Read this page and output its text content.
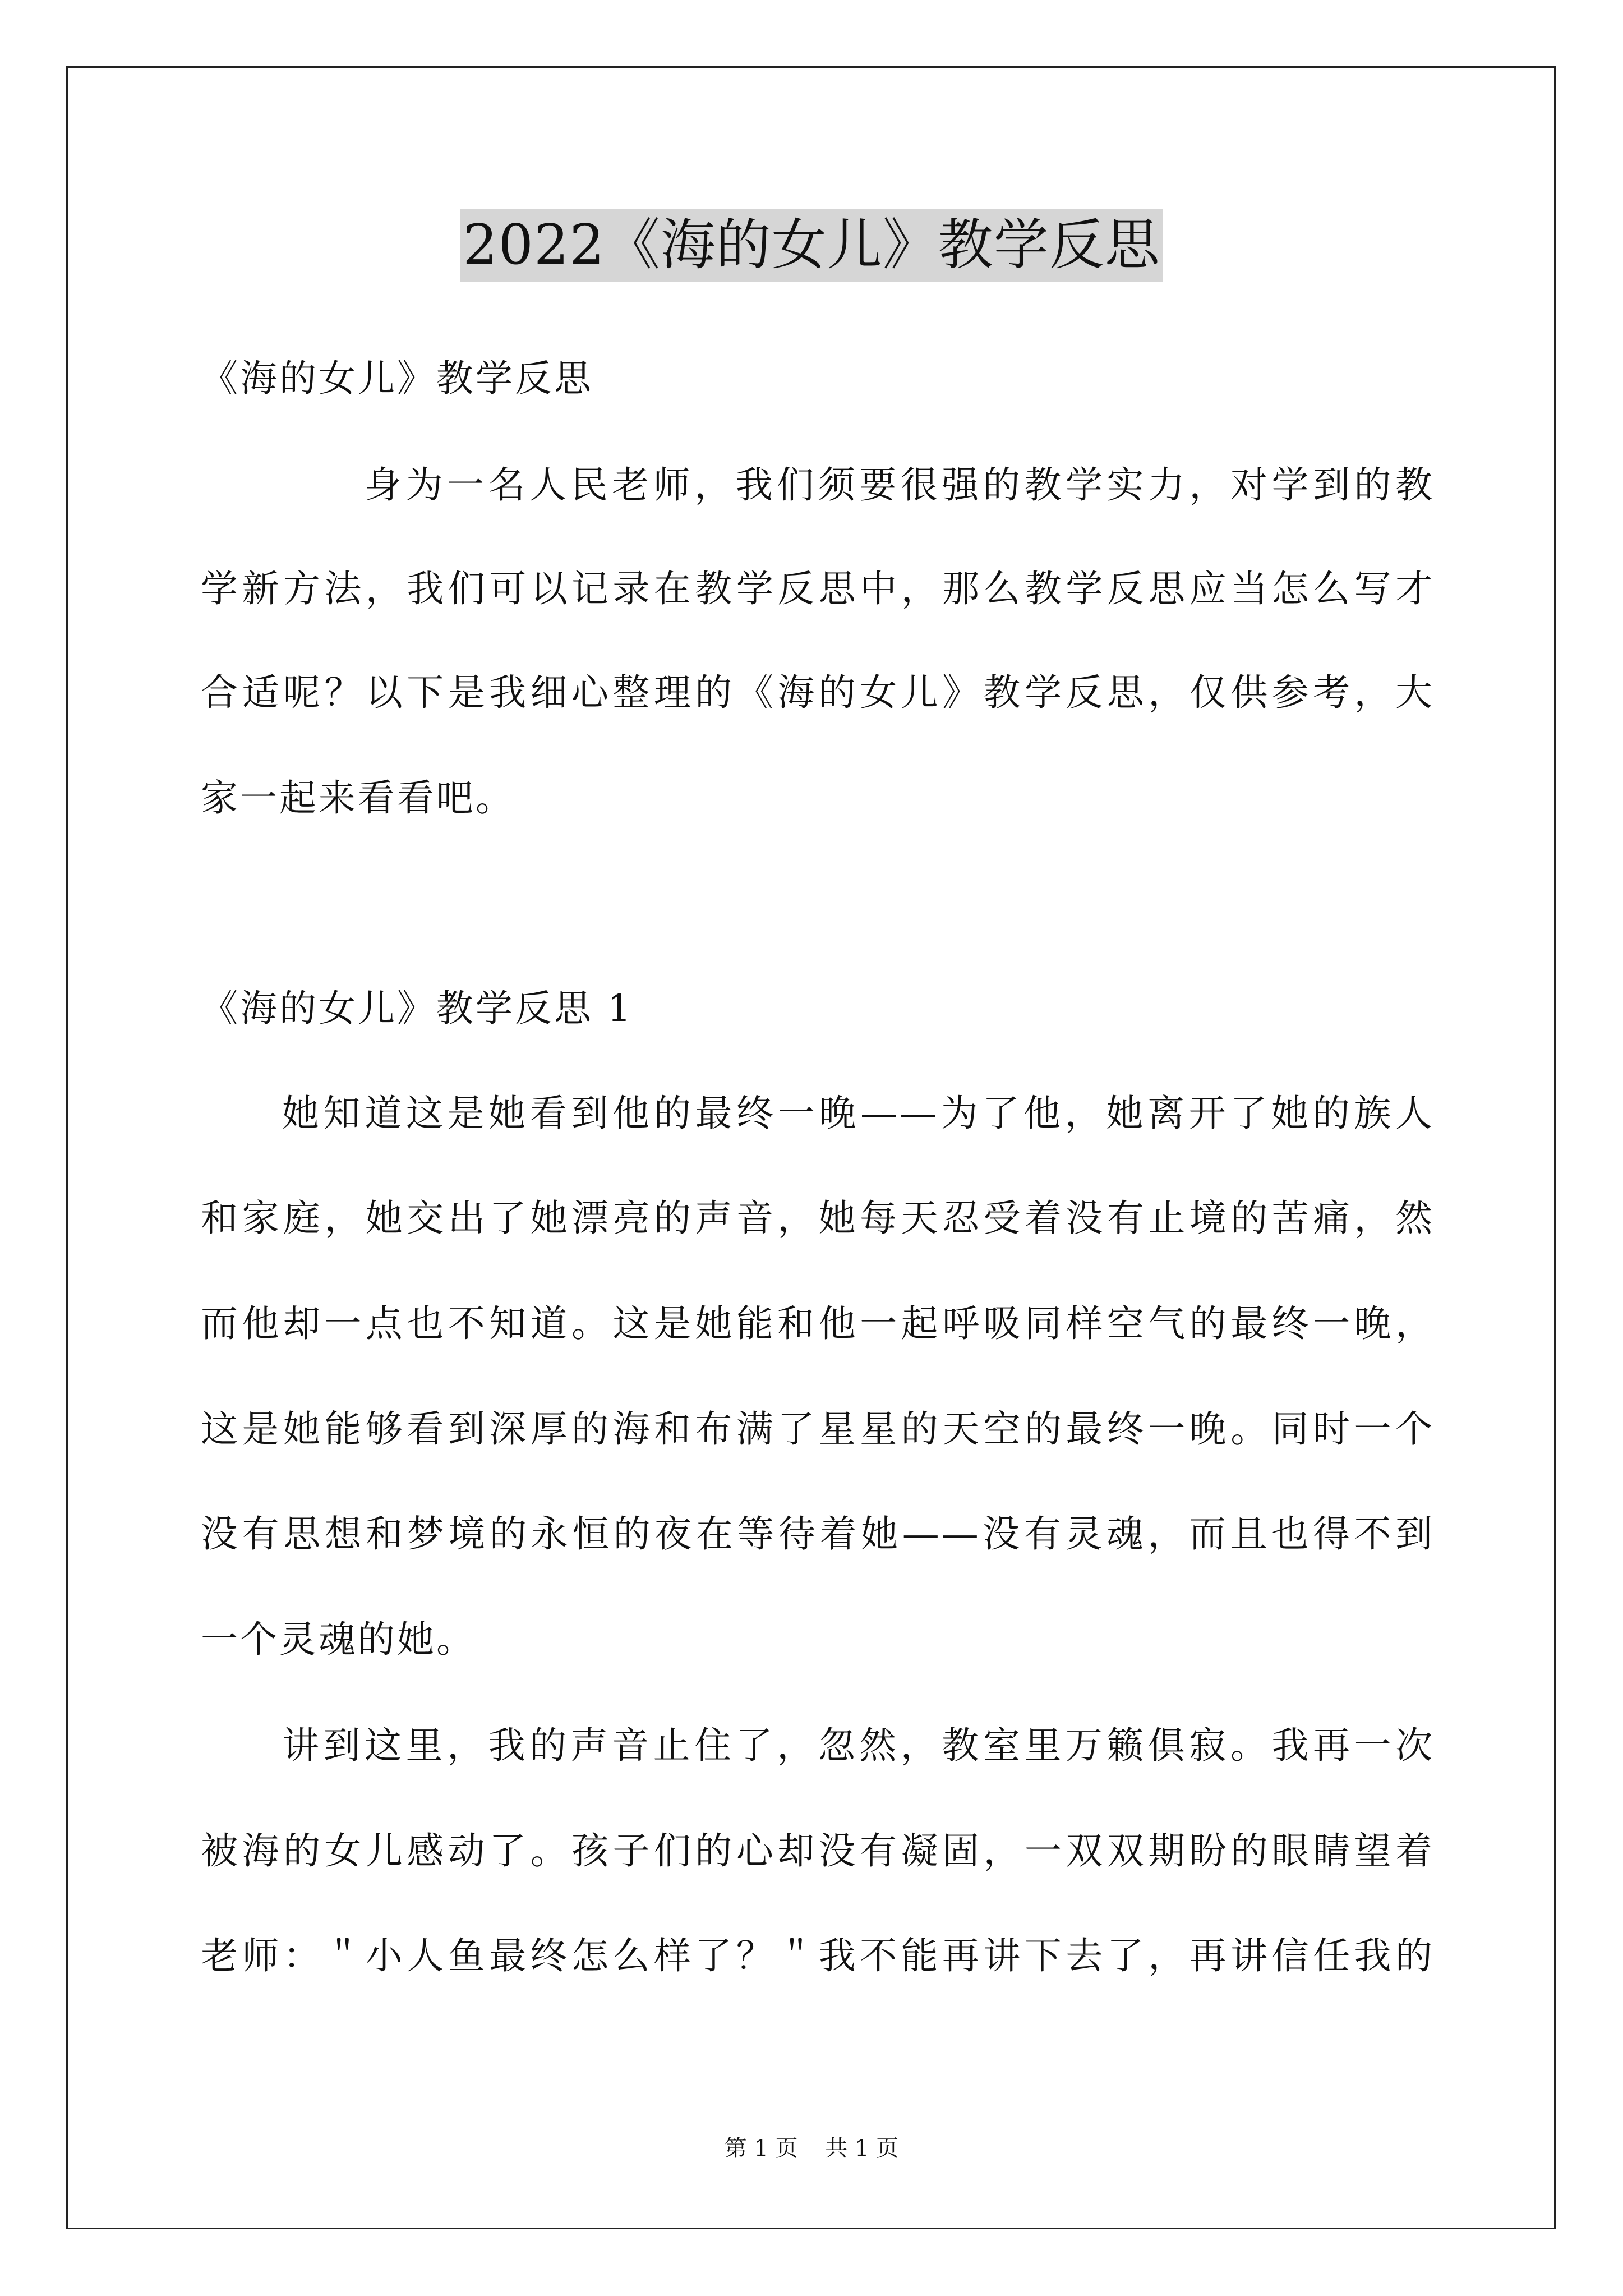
2022《海的女儿》教学反思
《海的女儿》教学反思
身为一名人民老师，我们须要很强的教学实力，对学到的教
学新方法，我们可以记录在教学反思中，那么教学反思应当怎么写才
合适呢？以下是我细心整理的《海的女儿》教学反思，仅供参考，大
家一起来看看吧。
《海的女儿》教学反思 1
她知道这是她看到他的最终一晚——为了他，她离开了她的族人
和家庭，她交出了她漂亮的声音，她每天忍受着没有止境的苦痛，然
而他却一点也不知道。这是她能和他一起呼吸同样空气的最终一晚，
这是她能够看到深厚的海和布满了星星的天空的最终一晚。同时一个
没有思想和梦境的永恒的夜在等待着她——没有灵魂，而且也得不到
一个灵魂的她。
讲到这里，我的声音止住了，忽然，教室里万籁俱寂。我再一次
被海的女儿感动了。孩子们的心却没有凝固，一双双期盼的眼睛望着
老师：＂小人鱼最终怎么样了？＂我不能再讲下去了，再讲信任我的
第 1 页 共 1 页
